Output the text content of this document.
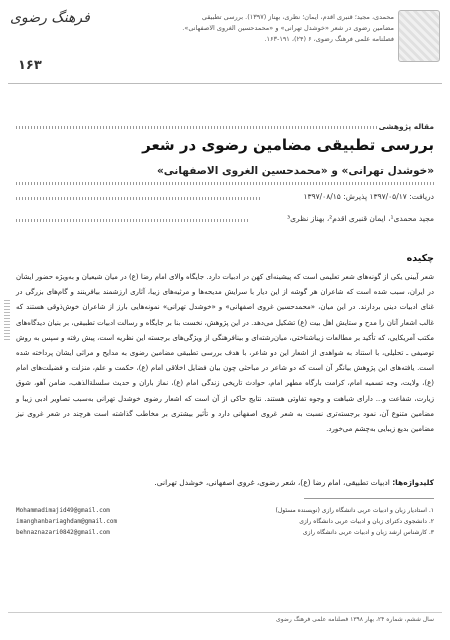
فرهنگ رضوی
۱۶۳
محمدی، مجید؛ قنبری اقدم، ایمان؛ نظری، بهناز (۱۳۹۷). بررسی تطبیقی
مضامین رضوی در شعر «خوشدل تهرانی» و «محمدحسین الغروی الاصفهانی».
فصلنامه علمی فرهنگ رضوی، ۶ (۲۴)، ۱۹۱-۱۶۳.
مقاله پژوهشی
بررسی تطبیقی مضامین رضوی در شعر
«خوشدل تهرانی» و «محمدحسین الغروی الاصفهانی»
دریافت: ۱۳۹۷/۰۵/۱۷ پذیرش: ۱۳۹۷/۰۸/۱۵
مجید محمدی¹، ایمان قنبری اقدم²، بهناز نظری³
چکیده
شعر آیینی یکی از گونه‌های شعر تعلیمی است که پیشینه‌ای کهن در ادبیات دارد. جایگاه والای امام رضا (ع) در میان شیعیان و به‌ویژه حضور ایشان در ایران، سبب شده است که شاعران هر گوشه از این دیار با سرایش مدیحه‌ها و مرثیه‌های زیبا، آثاری ارزشمند بیافرینند و گام‌های بزرگی در غنای ادبیات دینی بردارند. در این میان، «محمدحسین غروی اصفهانی» و «خوشدل تهرانی» نمونه‌هایی بارز از شاعران خوش‌ذوقی هستند که غالب اشعار آنان را مدح و ستایش اهل بیت (ع) تشکیل می‌دهد. در این پژوهش، نخست بنا بر جایگاه و رسالت ادبیات تطبیقی، بر بنیان دیدگاه‌های مکتب آمریکایی، که تأکید بر مطالعات زیباشناختی، میان‌رشته‌ای و بینافرهنگی از ویژگی‌های برجسته این نظریه است، پیش رفته و سپس به روش توصیفی ـ تحلیلی، با استناد به شواهدی از اشعار این دو شاعر، با هدف بررسی تطبیقی مضامین رضوی به مدایح و مراثی ایشان پرداخته شده است. یافته‌های این پژوهش بیانگر آن است که دو شاعر در مباحثی چون بیان فضایل اخلاقی امام (ع)، حکمت و علم، منزلت و فضیلت‌های امام (ع)، ولایت، وجه تسمیه امام، کرامت بارگاه مطهر امام، حوادث تاریخی زندگی امام (ع)، نماز باران و حدیث سلسلة‌الذهب، ضامن آهو، شوق زیارت، شفاعت و... دارای شباهت و وجوه تفاوتی هستند. نتایج حاکی از آن است که اشعار رضوی خوشدل تهرانی به‌سبب تصاویر ادبی زیبا و مضامین متنوع آن، نمود برجسته‌تری نسبت به شعر غروی اصفهانی دارد و تأثیر بیشتری بر مخاطب گذاشته است هرچند در شعر غروی نیز مضامین بدیع زیبایی به‌چشم می‌خورد.
کلیدواژه‌ها: ادبیات تطبیقی، امام رضا (ع)، شعر رضوی، غروی اصفهانی، خوشدل تهرانی.
۱. استادیار زبان و ادبیات عربی دانشگاه رازی (نویسنده مسئول)
Mohammadimajid49@gmail.com
۲. دانشجوی دکترای زبان و ادبیات عربی دانشگاه رازی
imanghanbariaghdam@gmail.com
۳. کارشناس ارشد زبان و ادبیات عربی دانشگاه رازی
behnaznazari0842@gmail.com
سال ششم، شماره ۲۴، بهار ۱۳۹۸ فصلنامه علمی فرهنگ رضوی
